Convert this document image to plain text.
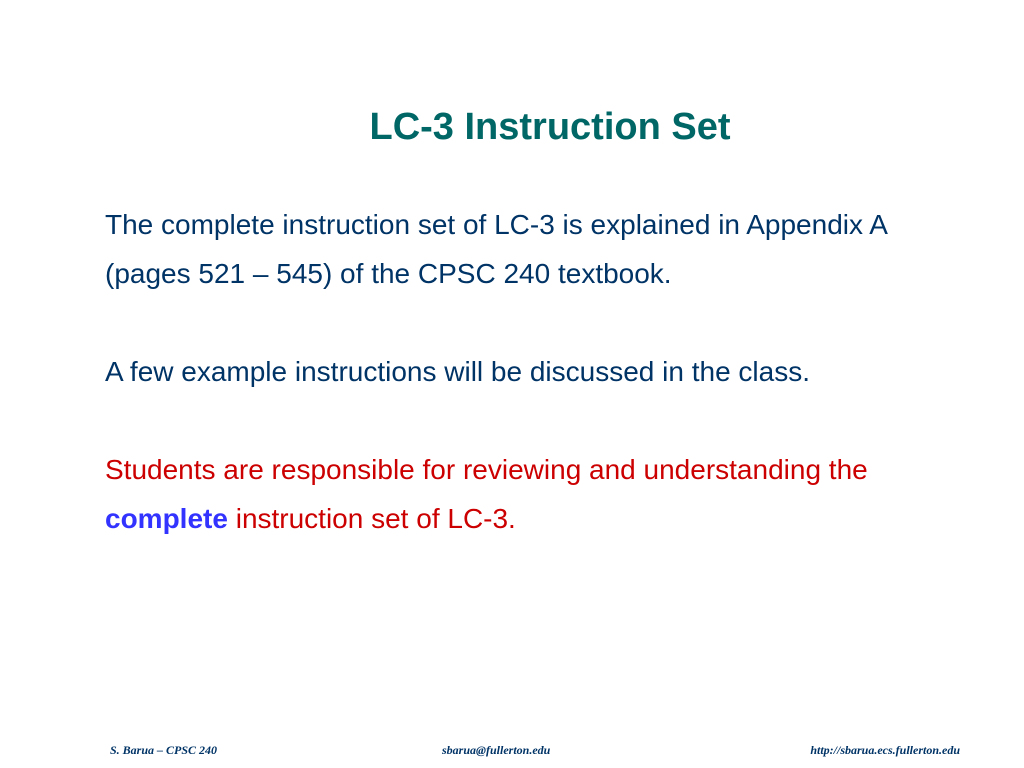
LC-3 Instruction Set

The complete instruction set of LC-3 is explained in Appendix A (pages 521 – 545) of the CPSC 240 textbook.

A few example instructions will be discussed in the class.

Students are responsible for reviewing and understanding the complete instruction set of LC-3.

S. Barua – CPSC 240	sbarua@fullerton.edu	http://sbarua.ecs.fullerton.edu
